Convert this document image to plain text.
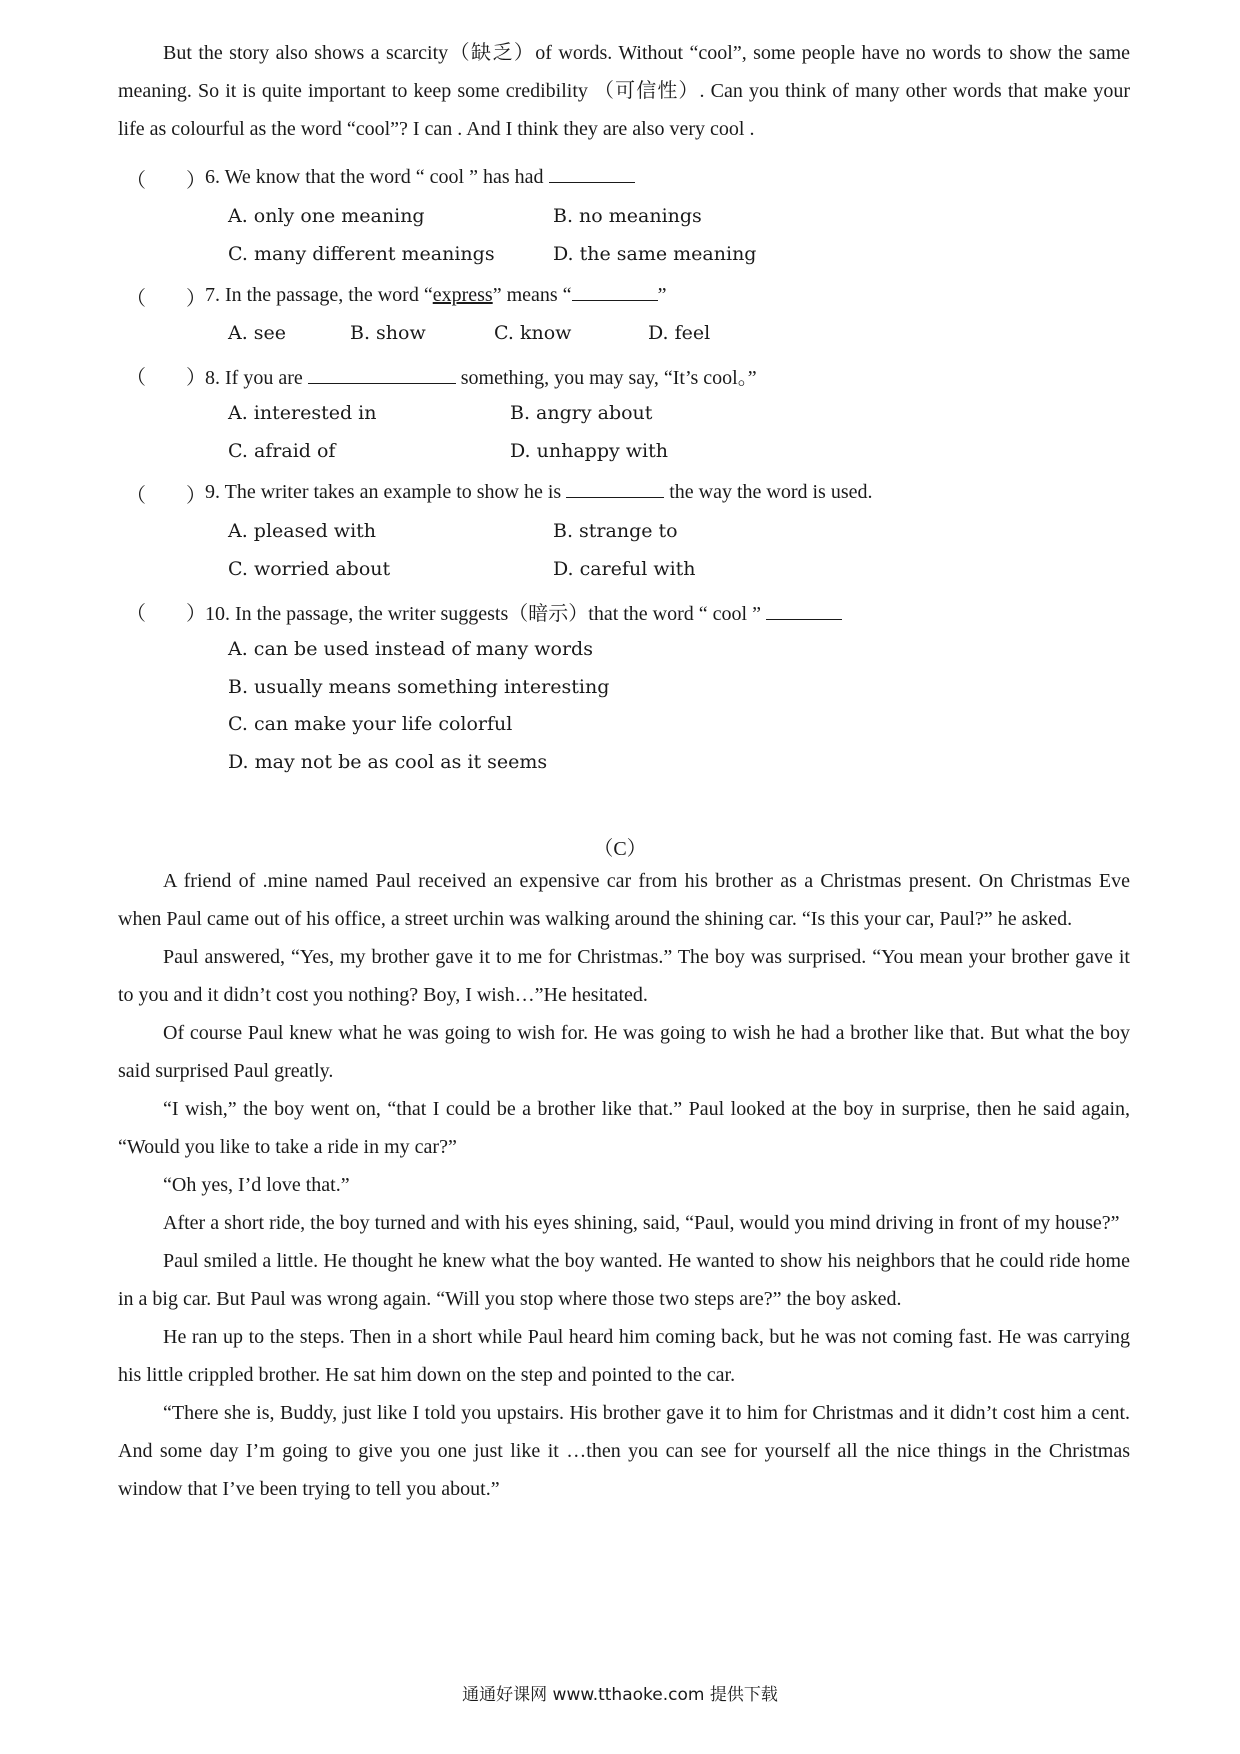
But the story also shows a scarcity（缺乏）of words. Without “cool”, some people have no words to show the same meaning. So it is quite important to keep some credibility （可信性）. Can you think of many other words that make your life as colourful as the word “cool”? I can . And I think they are also very cool .

（ ） 6. We know that the word “ cool ” has had
A. only one meaning	B. no meanings
C. many different meanings	D. the same meaning
（ ） 7. In the passage, the word “express” means “	”
A. see	B. show	C. know	D. feel
（ ） 8. If you are	something, you may say, “It’s cool。”
A. interested in	B. angry about
C. afraid of	D. unhappy with
（ ） 9. The writer takes an example to show he is	the way the word is used.
A. pleased with	B. strange to
C. worried about	D. careful with
（ ） 10. In the passage, the writer suggests（暗示）that the word “ cool ”
A. can be used instead of many words
B. usually means something interesting
C. can make your life colorful
D. may not be as cool as it seems
（C）

A friend of .mine named Paul received an expensive car from his brother as a Christmas present. On Christmas Eve when Paul came out of his office, a street urchin was walking around the shining car. “Is this your car, Paul?” he asked.

Paul answered, “Yes, my brother gave it to me for Christmas.” The boy was surprised. “You mean your brother gave it to you and it didn’t cost you nothing? Boy, I wish…”He hesitated.

Of course Paul knew what he was going to wish for. He was going to wish he had a brother like that. But what the boy said surprised Paul greatly.

“I wish,” the boy went on, “that I could be a brother like that.” Paul looked at the boy in surprise, then he said again, “Would you like to take a ride in my car?”

“Oh yes, I’d love that.”

After a short ride, the boy turned and with his eyes shining, said, “Paul, would you mind driving in front of my house?”

Paul smiled a little. He thought he knew what the boy wanted. He wanted to show his neighbors that he could ride home in a big car. But Paul was wrong again. “Will you stop where those two steps are?” the boy asked.

He ran up to the steps. Then in a short while Paul heard him coming back, but he was not coming fast. He was carrying his little crippled brother. He sat him down on the step and pointed to the car.

“There she is, Buddy, just like I told you upstairs. His brother gave it to him for Christmas and it didn’t cost him a cent. And some day I’m going to give you one just like it …then you can see for yourself all the nice things in the Christmas window that I’ve been trying to tell you about.”

通通好课网 www.tthaoke.com 提供下载
